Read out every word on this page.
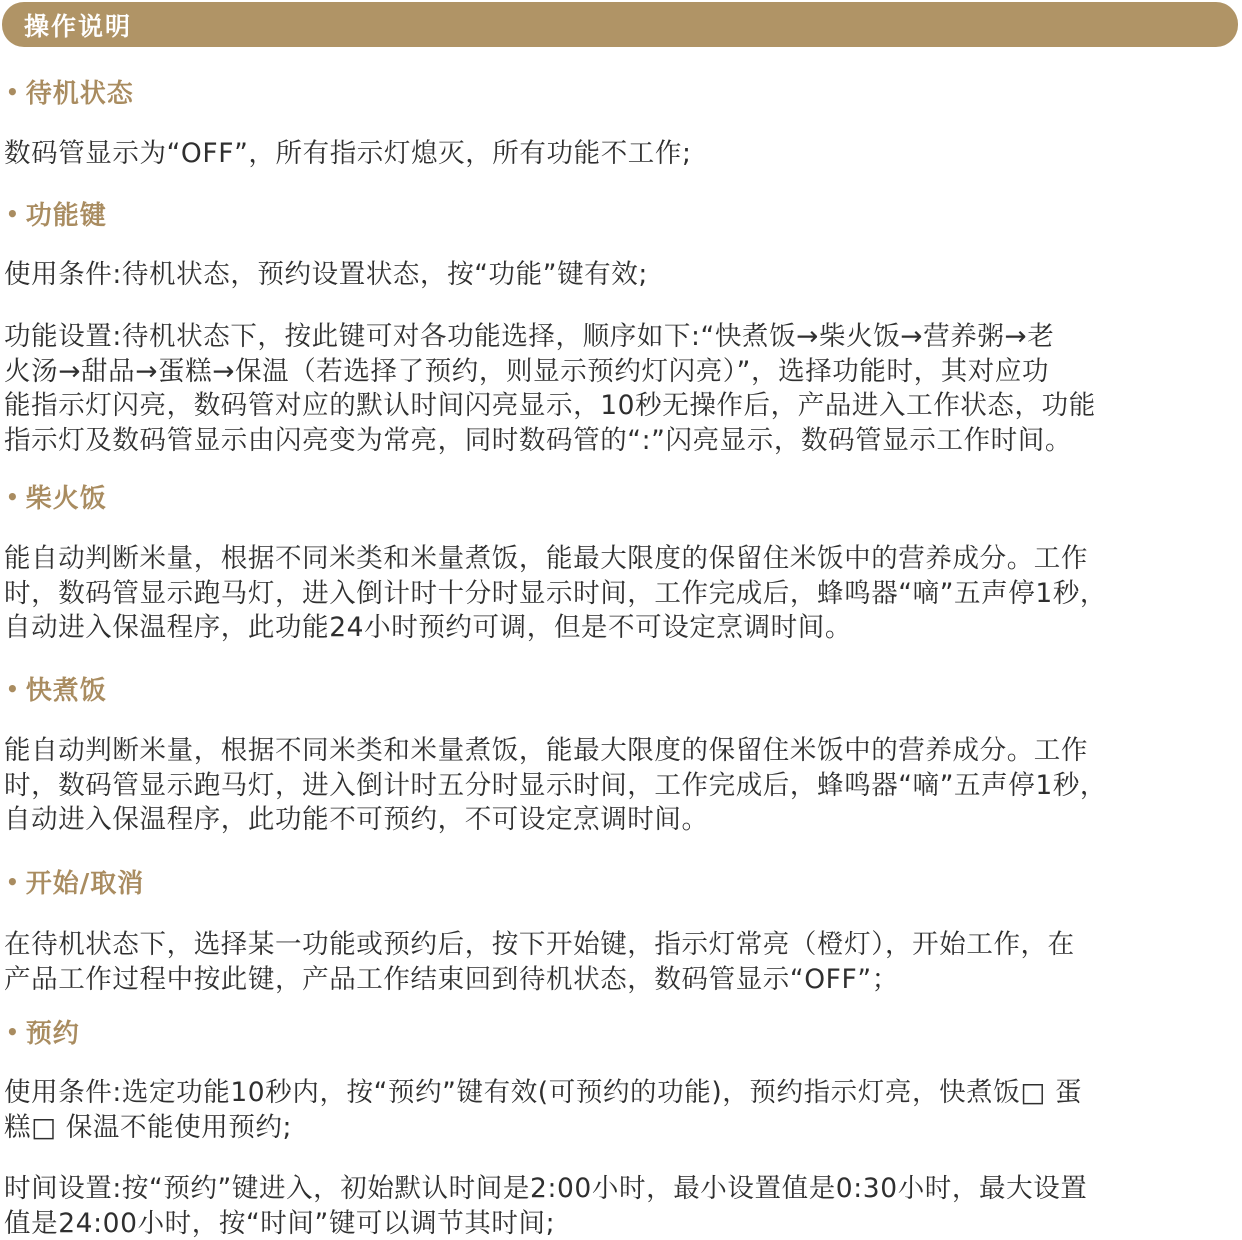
操作说明
• 待机状态
数码管显示为“OFF”，所有指示灯熄灭，所有功能不工作;
• 功能键
使用条件:待机状态，预约设置状态，按“功能”键有效;
功能设置:待机状态下，按此键可对各功能选择，顺序如下:“快煮饭→柴火饭→营养粥→老
火汤→甜品→蛋糕→保温（若选择了预约，则显示预约灯闪亮）”，选择功能时，其对应功
能指示灯闪亮，数码管对应的默认时间闪亮显示，10秒无操作后，产品进入工作状态，功能
指示灯及数码管显示由闪亮变为常亮，同时数码管的“:”闪亮显示，数码管显示工作时间。
• 柴火饭
能自动判断米量，根据不同米类和米量煮饭，能最大限度的保留住米饭中的营养成分。工作
时，数码管显示跑马灯，进入倒计时十分时显示时间，工作完成后，蜂鸣器“嘀”五声停1秒，
自动进入保温程序，此功能24小时预约可调，但是不可设定烹调时间。
• 快煮饭
能自动判断米量，根据不同米类和米量煮饭，能最大限度的保留住米饭中的营养成分。工作
时，数码管显示跑马灯，进入倒计时五分时显示时间，工作完成后，蜂鸣器“嘀”五声停1秒，
自动进入保温程序，此功能不可预约，不可设定烹调时间。
• 开始/取消
在待机状态下，选择某一功能或预约后，按下开始键，指示灯常亮（橙灯），开始工作，在
产品工作过程中按此键，产品工作结束回到待机状态，数码管显示“OFF”；
• 预约
使用条件:选定功能10秒内，按“预约”键有效(可预约的功能)，预约指示灯亮，快煮饭□ 蛋
糕□ 保温不能使用预约;
时间设置:按“预约”键进入，初始默认时间是2:00小时，最小设置值是0:30小时，最大设置
值是24:00小时，按“时间”键可以调节其时间;
